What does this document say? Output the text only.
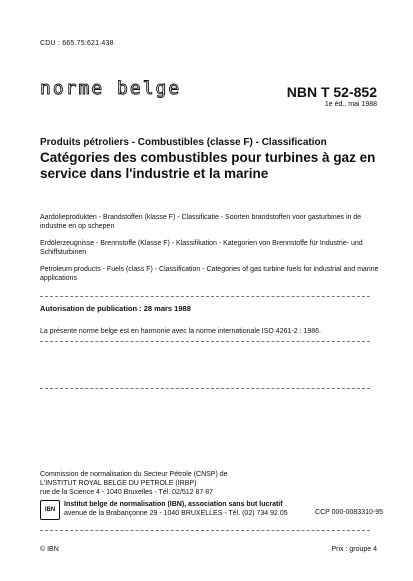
CDU : 665.75:621.438
norme belge	NBN T 52-852
1e éd., mai 1988
Produits pétroliers - Combustibles (classe F) - Classification
Catégories des combustibles pour turbines à gaz en service dans l'industrie et la marine
Aardolieprodukten - Brandstoffen (klasse F) - Classificatie - Soorten brandstoffen voor gasturbines in de industrie en op schepen
Erdölerzeugnisse - Brennstoffe (Klasse F) - Klassifikation - Kategorien von Brennstoffe für Industrie- und Schiffsturbinen
Petroleum products - Fuels (class F) - Classification - Categories of gas turbine fuels for industrial and marine applications
Autorisation de publication : 28 mars 1988
La présente norme belge est en harmonie avec la norme internationale ISO 4261-2 : 1986.
Commission de normalisation du Secteur Pétrole (CNSP) de
L'INSTITUT ROYAL BELGE DU PETROLE (IRBP)
rue de la Science 4 - 1040 Bruxelles - Tél. 02/512 87 87
IBN
Institut belge de normalisation (IBN), association sans but lucratif
avenue de la Brabançonne 29 - 1040 BRUXELLES - Tél. (02) 734 92 05	CCP 000-0083310-95
© IBN	Prix : groupe 4
